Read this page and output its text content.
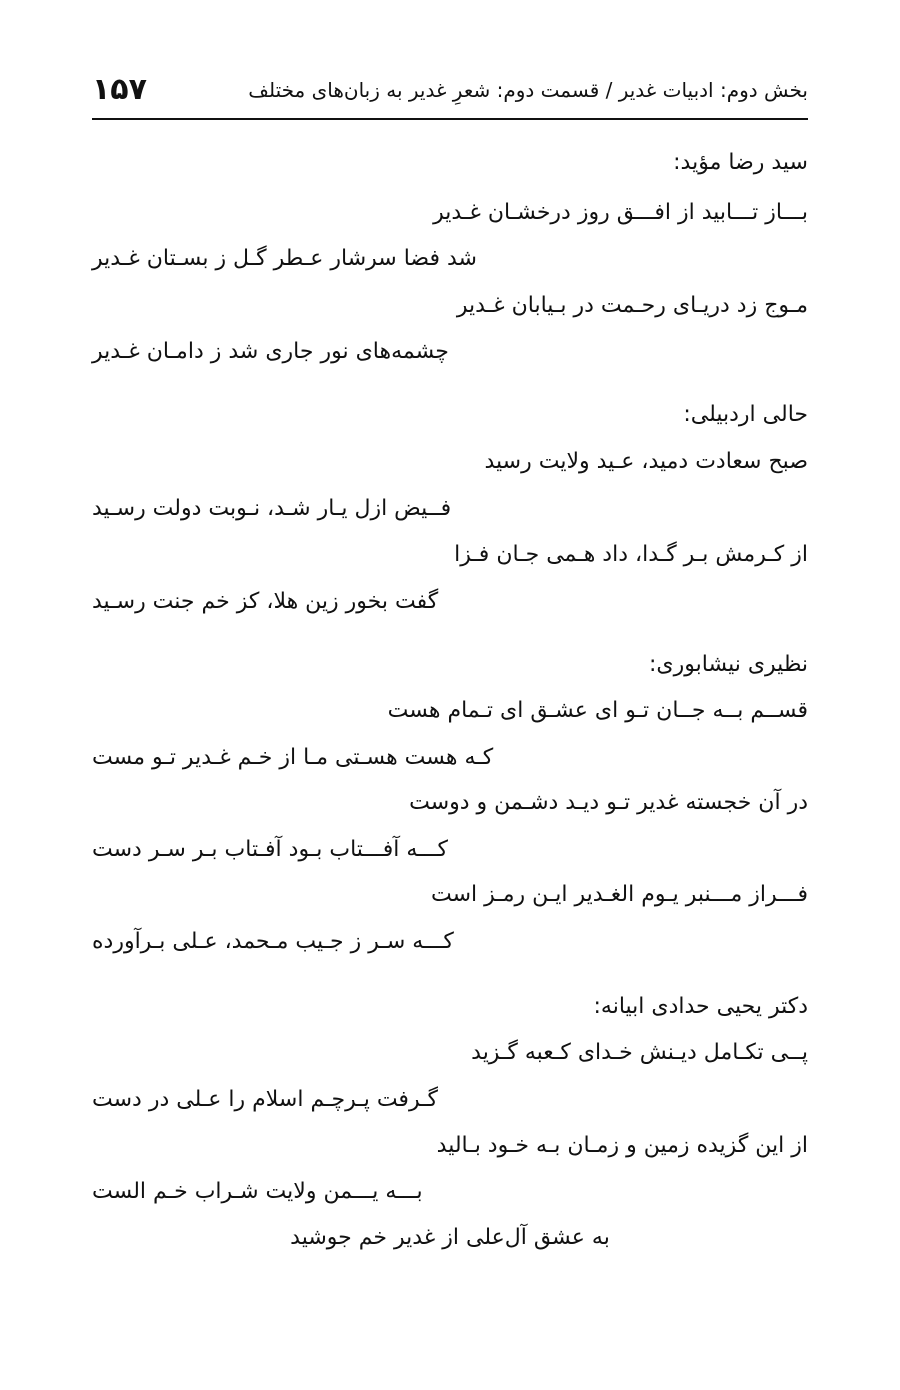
بخش دوم: ادبیات غدیر / قسمت دوم: شعرِ غدیر به زبان‌های مختلف
۱۵۷
سید رضا مؤید:
بـــاز تـــابید از افـــق روز درخشـان غـدیر
شد فضا سرشار عـطر گـل ز بسـتان غـدیر
مـوج زد دریـای رحـمت در بـیابان غـدیر
چشمه‌های نور جاری شد ز دامـان غـدیر
حالی اردبیلی:
صبح سعادت دمید، عـید ولایت رسید
فــیض ازل یـار شـد، نـوبت دولت رسـید
از کـرمش بـر گـدا، داد هـمی جـان فـزا
گفت بخور زین هلا، کز خم جنت رسـید
نظیری نیشابوری:
قســم بــه جــان تـو ای عشـق ای تـمام هست
کـه هست هسـتی مـا از خـم غـدیر تـو مست
در آن خجسته غدیر تـو دیـد دشـمن و دوست
کـــه آفـــتاب بـود آفـتاب بـر سـر دست
فـــراز مـــنبر یـوم الغـدیر ایـن رمـز است
کـــه سـر ز جـیب مـحمد، عـلی بـرآورده
دکتر یحیی حدادی ابیانه:
پــی تکـامل دیـنش خـدای کـعبه گـزید
گـرفت پـرچـم اسلام را عـلی در دست
از این گزیده زمین و زمـان بـه خـود بـالید
بـــه یـــمن ولایت شـراب خـم الست
به عشق آل‌علی از غدیر خم جوشید
